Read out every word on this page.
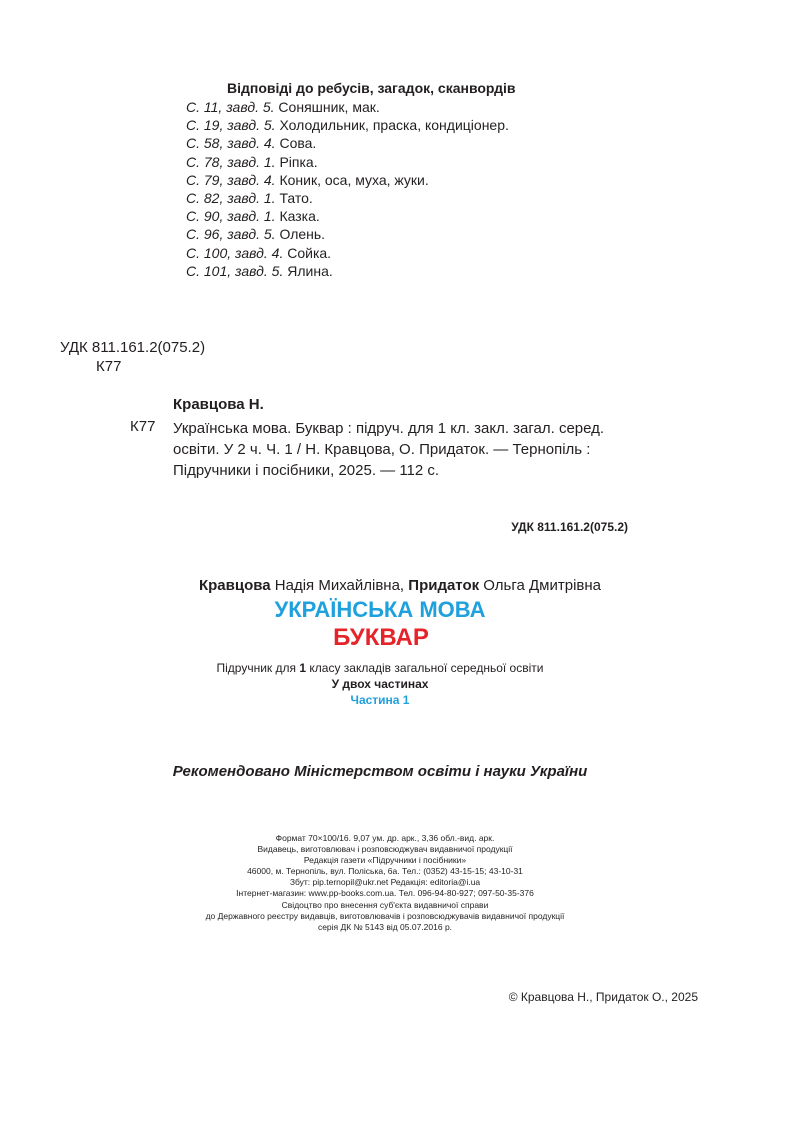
Відповіді до ребусів, загадок, сканвордів
С. 11, завд. 5. Соняшник, мак.
С. 19, завд. 5. Холодильник, праска, кондиціонер.
С. 58, завд. 4. Сова.
С. 78, завд. 1. Ріпка.
С. 79, завд. 4. Коник, оса, муха, жуки.
С. 82, завд. 1. Тато.
С. 90, завд. 1. Казка.
С. 96, завд. 5. Олень.
С. 100, завд. 4. Сойка.
С. 101, завд. 5. Ялина.
УДК 811.161.2(075.2)
К77
Кравцова Н.
К77 Українська мова. Буквар : підруч. для 1 кл. закл. загал. серед. освіти. У 2 ч. Ч. 1 / Н. Кравцова, О. Придаток. — Тернопіль : Підручники і посібники, 2025. — 112 с.
УДК 811.161.2(075.2)
Кравцова Надія Михайлівна, Придаток Ольга Дмитрівна
УКРАЇНСЬКА МОВА
БУКВАР
Підручник для 1 класу закладів загальної середньої освіти
У двох частинах
Частина 1
Рекомендовано Міністерством освіти і науки України
Формат 70×100/16. 9,07 ум. др. арк., 3,36 обл.-вид. арк.
Видавець, виготовлювач і розповсюджувач видавничої продукції
Редакція газети «Підручники і посібники»
46000, м. Тернопіль, вул. Поліська, 6а. Тел.: (0352) 43-15-15; 43-10-31
Збут: pip.ternopil@ukr.net Редакція: editoria@i.ua
Інтернет-магазин: www.pp-books.com.ua. Тел. 096-94-80-927; 097-50-35-376
Свідоцтво про внесення суб'єкта видавничої справи
до Державного реєстру видавців, виготовлювачів і розповсюджувачів видавничої продукції
серія ДК № 5143 від 05.07.2016 р.
© Кравцова Н., Придаток О., 2025
